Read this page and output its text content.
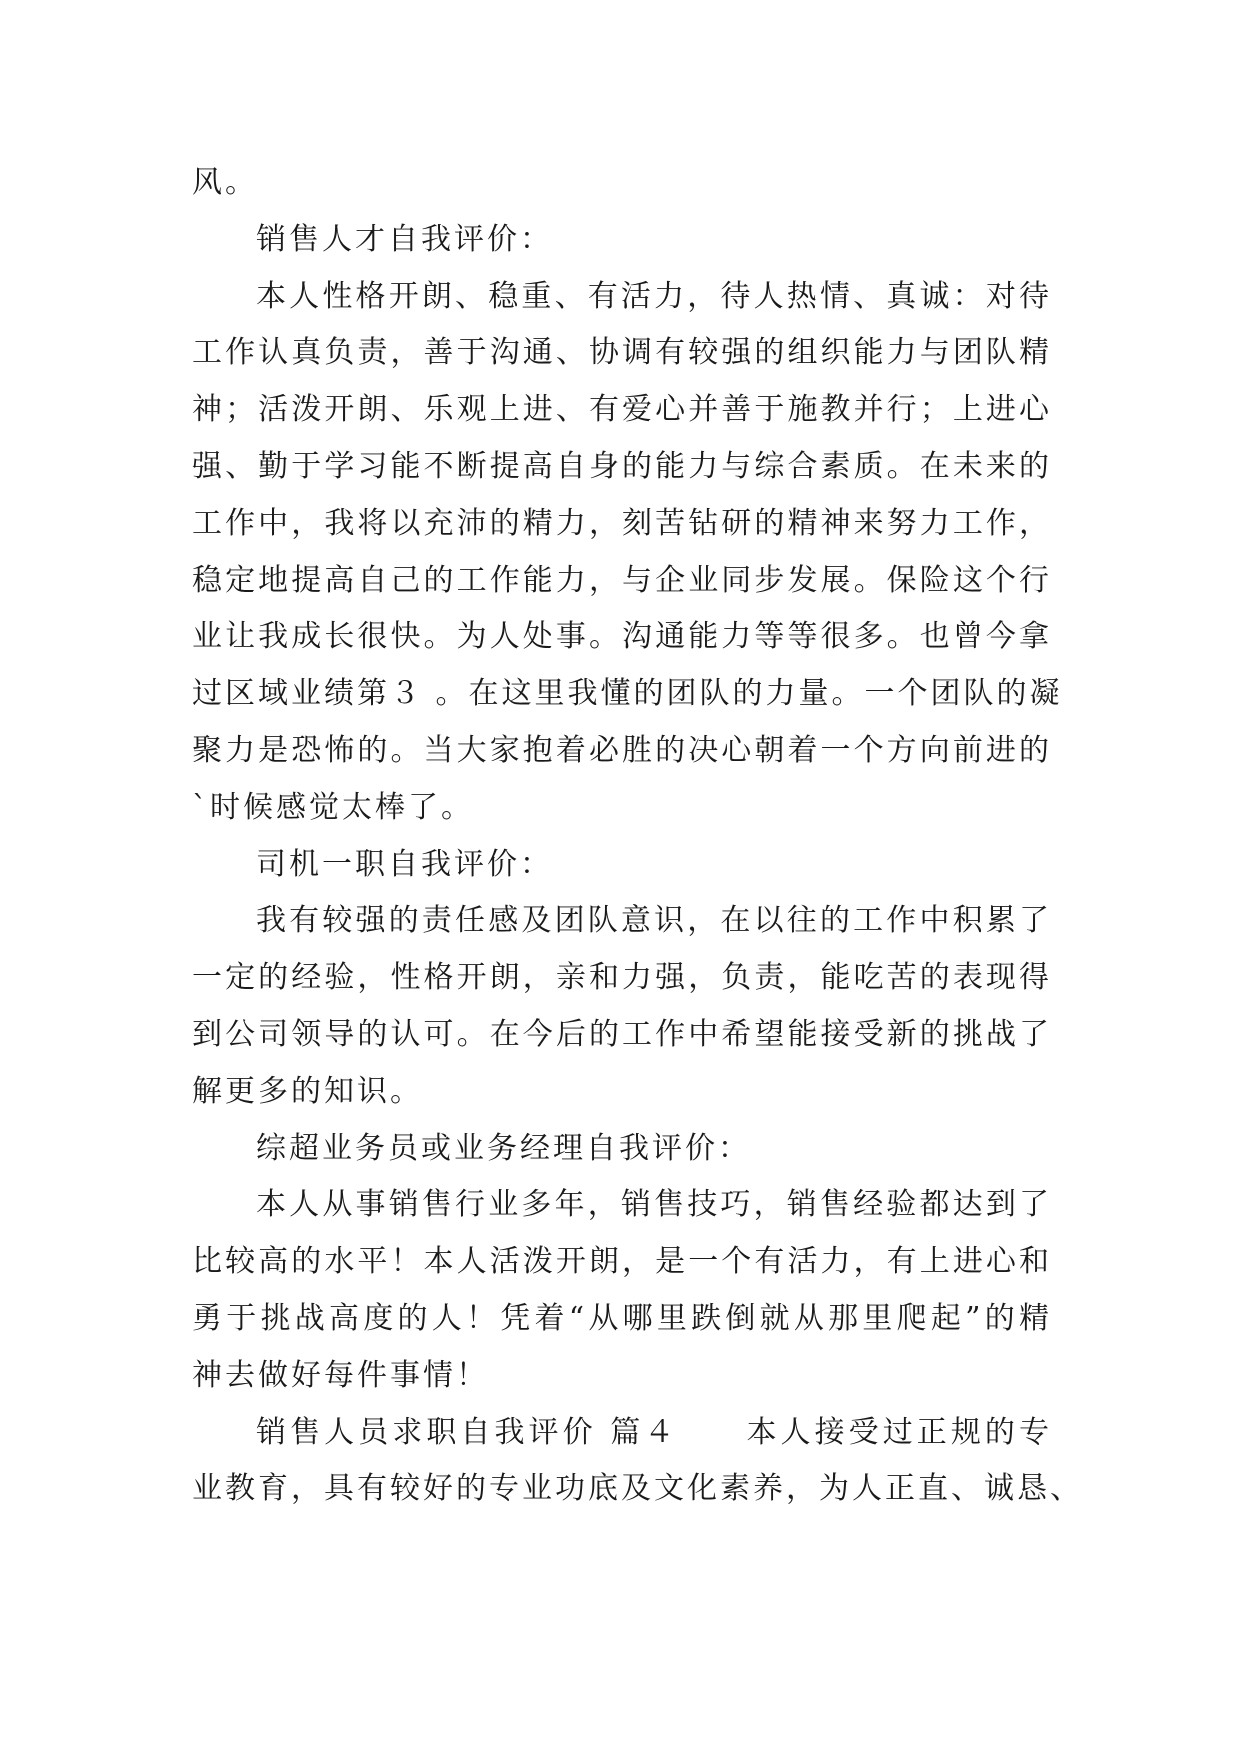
风。
销售人才自我评价：
本人性格开朗、稳重、有活力，待人热情、真诚：对待
工作认真负责，善于沟通、协调有较强的组织能力与团队精
神；活泼开朗、乐观上进、有爱心并善于施教并行；上进心
强、勤于学习能不断提高自身的能力与综合素质。在未来的
工作中，我将以充沛的精力，刻苦钻研的精神来努力工作，
稳定地提高自己的工作能力，与企业同步发展。保险这个行
业让我成长很快。为人处事。沟通能力等等很多。也曾今拿
过区域业绩第３ 。在这里我懂的团队的力量。一个团队的凝
聚力是恐怖的。当大家抱着必胜的决心朝着一个方向前进的
`时候感觉太棒了。
司机一职自我评价：
我有较强的责任感及团队意识，在以往的工作中积累了
一定的经验，性格开朗，亲和力强，负责，能吃苦的表现得
到公司领导的认可。在今后的工作中希望能接受新的挑战了
解更多的知识。
综超业务员或业务经理自我评价：
本人从事销售行业多年，销售技巧，销售经验都达到了
比较高的水平！本人活泼开朗，是一个有活力，有上进心和
勇于挑战高度的人！凭着“从哪里跌倒就从那里爬起”的精
神去做好每件事情！
销售人员求职自我评价 篇４　　本人接受过正规的专
业教育，具有较好的专业功底及文化素养，为人正直、诚恳、
